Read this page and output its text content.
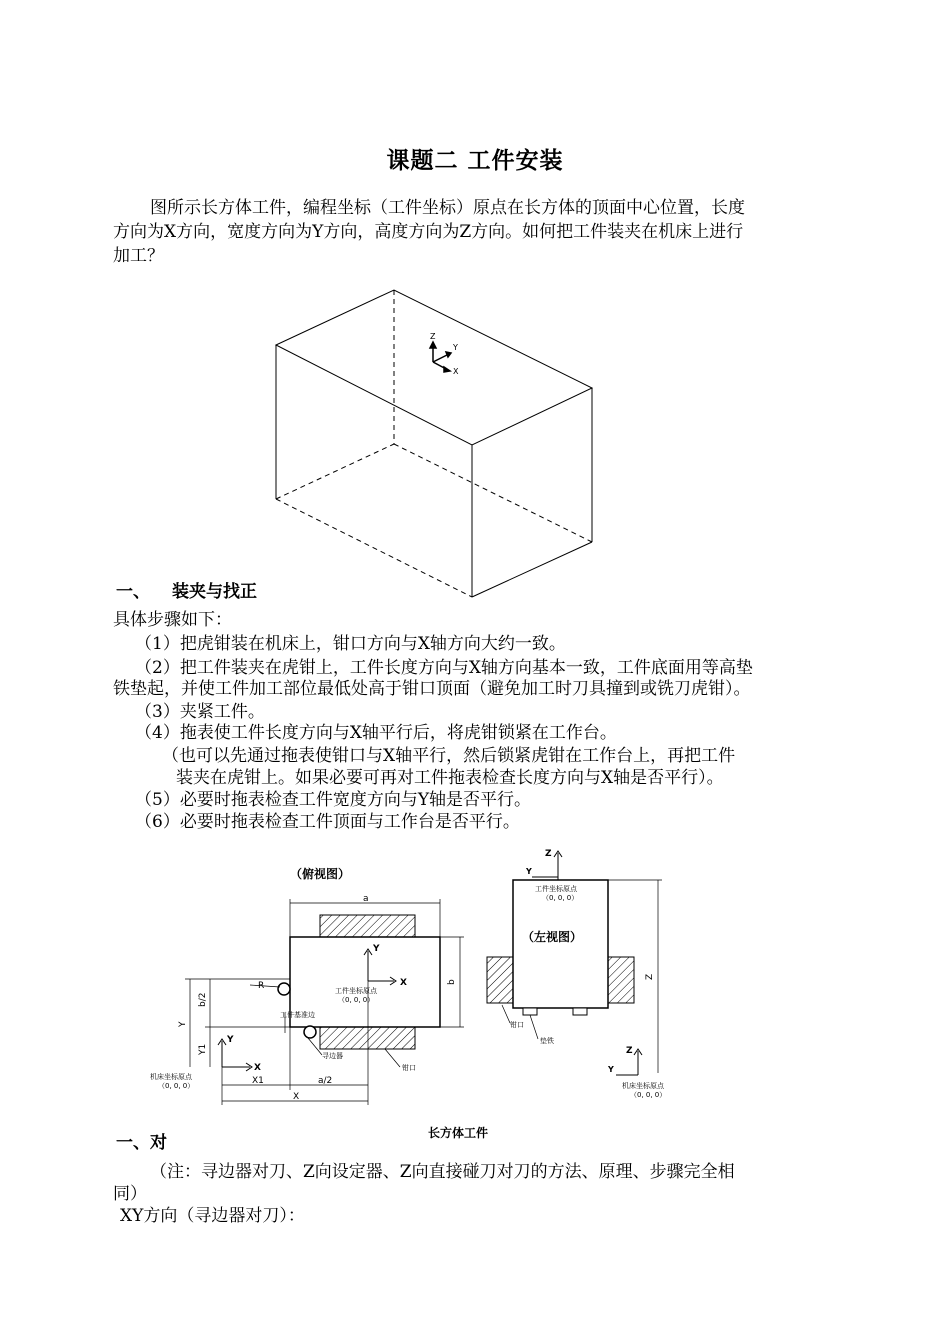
课题二 工件安装
图所示长方体工件，编程坐标（工件坐标）原点在长方体的顶面中心位置，长度
方向为X方向，宽度方向为Y方向，高度方向为Z方向。如何把工件装夹在机床上进行
加工？
Z
Y
X
一、 装夹与找正
具体步骤如下：
（1）把虎钳装在机床上，钳口方向与X轴方向大约一致。
（2）把工件装夹在虎钳上，工件长度方向与X轴方向基本一致，工件底面用等高垫
铁垫起，并使工件加工部位最低处高于钳口顶面（避免加工时刀具撞到或铣刀虎钳）。
（3）夹紧工件。
（4）拖表使工件长度方向与X轴平行后，将虎钳锁紧在工作台。
（也可以先通过拖表使钳口与X轴平行，然后锁紧虎钳在工作台上，再把工件
装夹在虎钳上。如果必要可再对工件拖表检查长度方向与X轴是否平行）。
（5）必要时拖表检查工件宽度方向与Y轴是否平行。
（6）必要时拖表检查工件顶面与工作台是否平行。
（俯视图）
a
b
Y
X
工件坐标原点
（0, 0, 0）
R
工件基准边
寻边器
钳口
Y
b/2
Y1
Y
X
机床坐标原点
（0, 0, 0）	X1	a/2
X
（左视图）
Z
Y
工件坐标原点
（0, 0, 0）
钳口
垫铁
Z
Z
Y
机床坐标原点
（0, 0, 0）
一、 对	长方体工件
（注：寻边器对刀、Z向设定器、Z向直接碰刀对刀的方法、原理、步骤完全相
同）
XY方向（寻边器对刀）：
